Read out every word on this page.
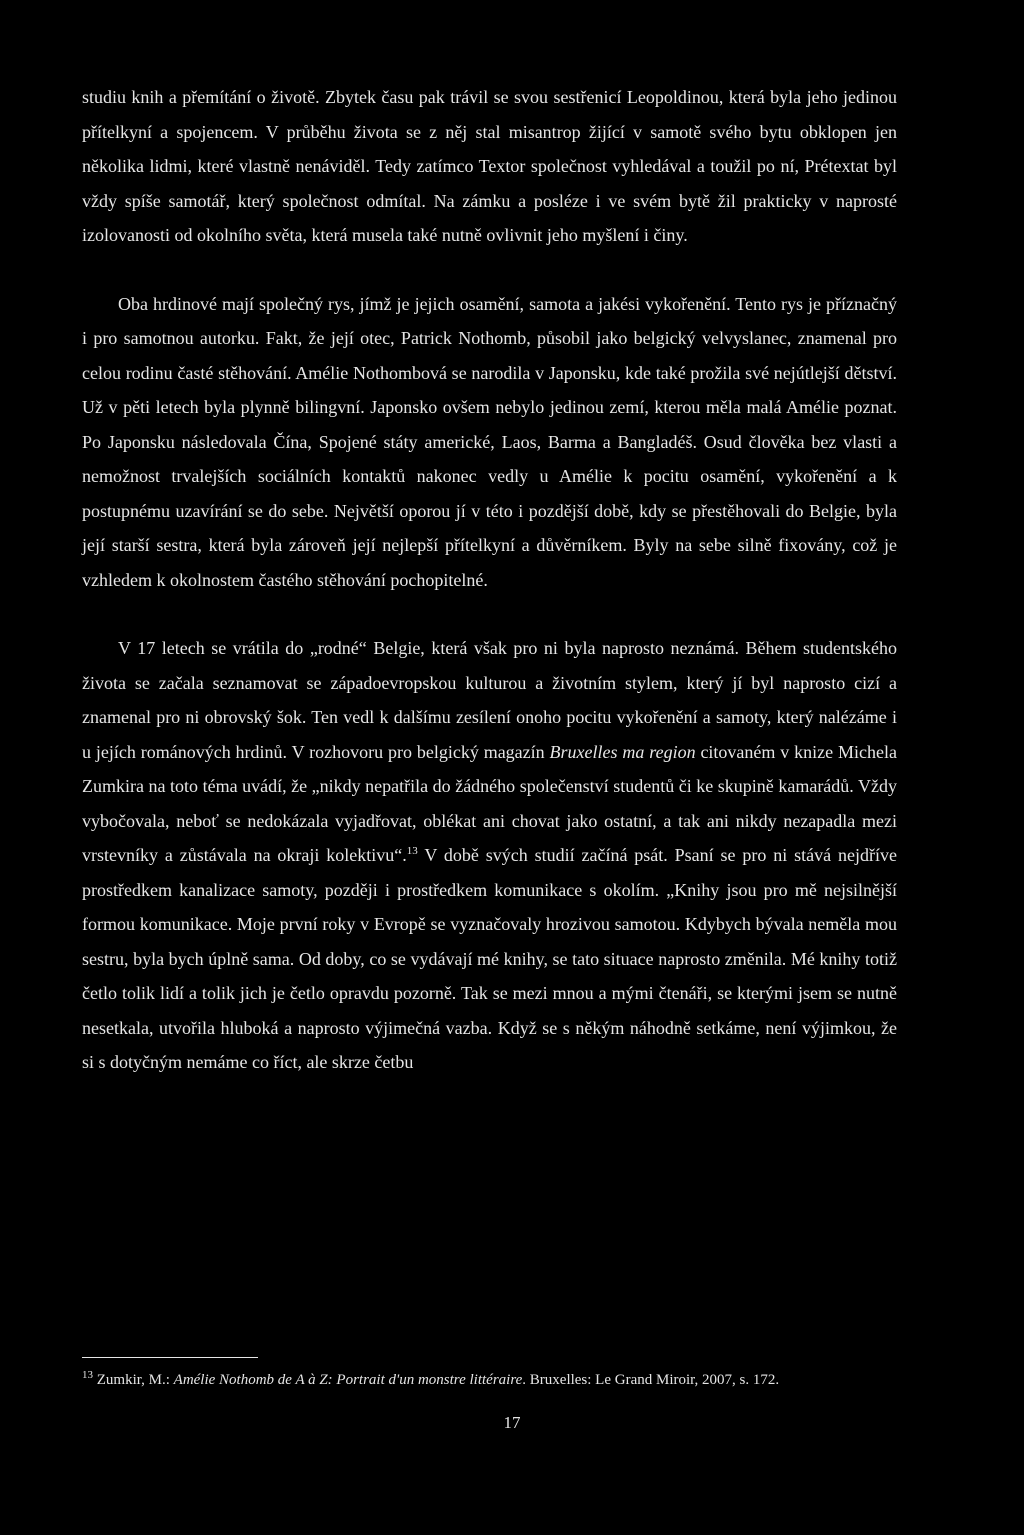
studiu knih a přemítání o životě. Zbytek času pak trávil se svou sestřenicí Leopoldinou, která byla jeho jedinou přítelkyní a spojencem. V průběhu života se z něj stal misantrop žijící v samotě svého bytu obklopen jen několika lidmi, které vlastně nenáviděl. Tedy zatímco Textor společnost vyhledával a toužil po ní, Prétextat byl vždy spíše samotář, který společnost odmítal. Na zámku a posléze i ve svém bytě žil prakticky v naprosté izolovanosti od okolního světa, která musela také nutně ovlivnit jeho myšlení i činy.

Oba hrdinové mají společný rys, jímž je jejich osamění, samota a jakési vykořenění. Tento rys je příznačný i pro samotnou autorku. Fakt, že její otec, Patrick Nothomb, působil jako belgický velvyslanec, znamenal pro celou rodinu časté stěhování. Amélie Nothombová se narodila v Japonsku, kde také prožila své nejútlejší dětství. Už v pěti letech byla plynně bilingvní. Japonsko ovšem nebylo jedinou zemí, kterou měla malá Amélie poznat. Po Japonsku následovala Čína, Spojené státy americké, Laos, Barma a Bangladéš. Osud člověka bez vlasti a nemožnost trvalejších sociálních kontaktů nakonec vedly u Amélie k pocitu osamění, vykořenění a k postupnému uzavírání se do sebe. Největší oporou jí v této i pozdější době, kdy se přestěhovali do Belgie, byla její starší sestra, která byla zároveň její nejlepší přítelkyní a důvěrníkem. Byly na sebe silně fixovány, což je vzhledem k okolnostem častého stěhování pochopitelné.

V 17 letech se vrátila do „rodné“ Belgie, která však pro ni byla naprosto neznámá. Během studentského života se začala seznamovat se západoevropskou kulturou a životním stylem, který jí byl naprosto cizí a znamenal pro ni obrovský šok. Ten vedl k dalšímu zesílení onoho pocitu vykořenění a samoty, který nalézáme i u jejích románových hrdinů. V rozhovoru pro belgický magazín Bruxelles ma region citovaném v knize Michela Zumkira na toto téma uvádí, že „nikdy nepatřila do žádného společenství studentů či ke skupině kamarádů. Vždy vybočovala, neboť se nedokázala vyjadřovat, oblékat ani chovat jako ostatní, a tak ani nikdy nezapadla mezi vrstevníky a zůstávala na okraji kolektivu“.$^{13}$ V době svých studií začíná psát. Psaní se pro ni stává nejdříve prostředkem kanalizace samoty, později i prostředkem komunikace s okolím. „Knihy jsou pro mě nejsilnější formou komunikace. Moje první roky v Evropě se vyznačovaly hrozivou samotou. Kdybych bývala neměla mou sestru, byla bych úplně sama. Od doby, co se vydávají mé knihy, se tato situace naprosto změnila. Mé knihy totiž četlo tolik lidí a tolik jich je četlo opravdu pozorně. Tak se mezi mnou a mými čtenáři, se kterými jsem se nutně nesetkala, utvořila hluboká a naprosto výjimečná vazba. Když se s někým náhodně setkáme, není výjimkou, že si s dotyčným nemáme co říct, ale skrze četbu

$^{13}$ Zumkir, M.: Amélie Nothomb de A à Z: Portrait d'un monstre littéraire. Bruxelles: Le Grand Miroir, 2007, s. 172.
17
